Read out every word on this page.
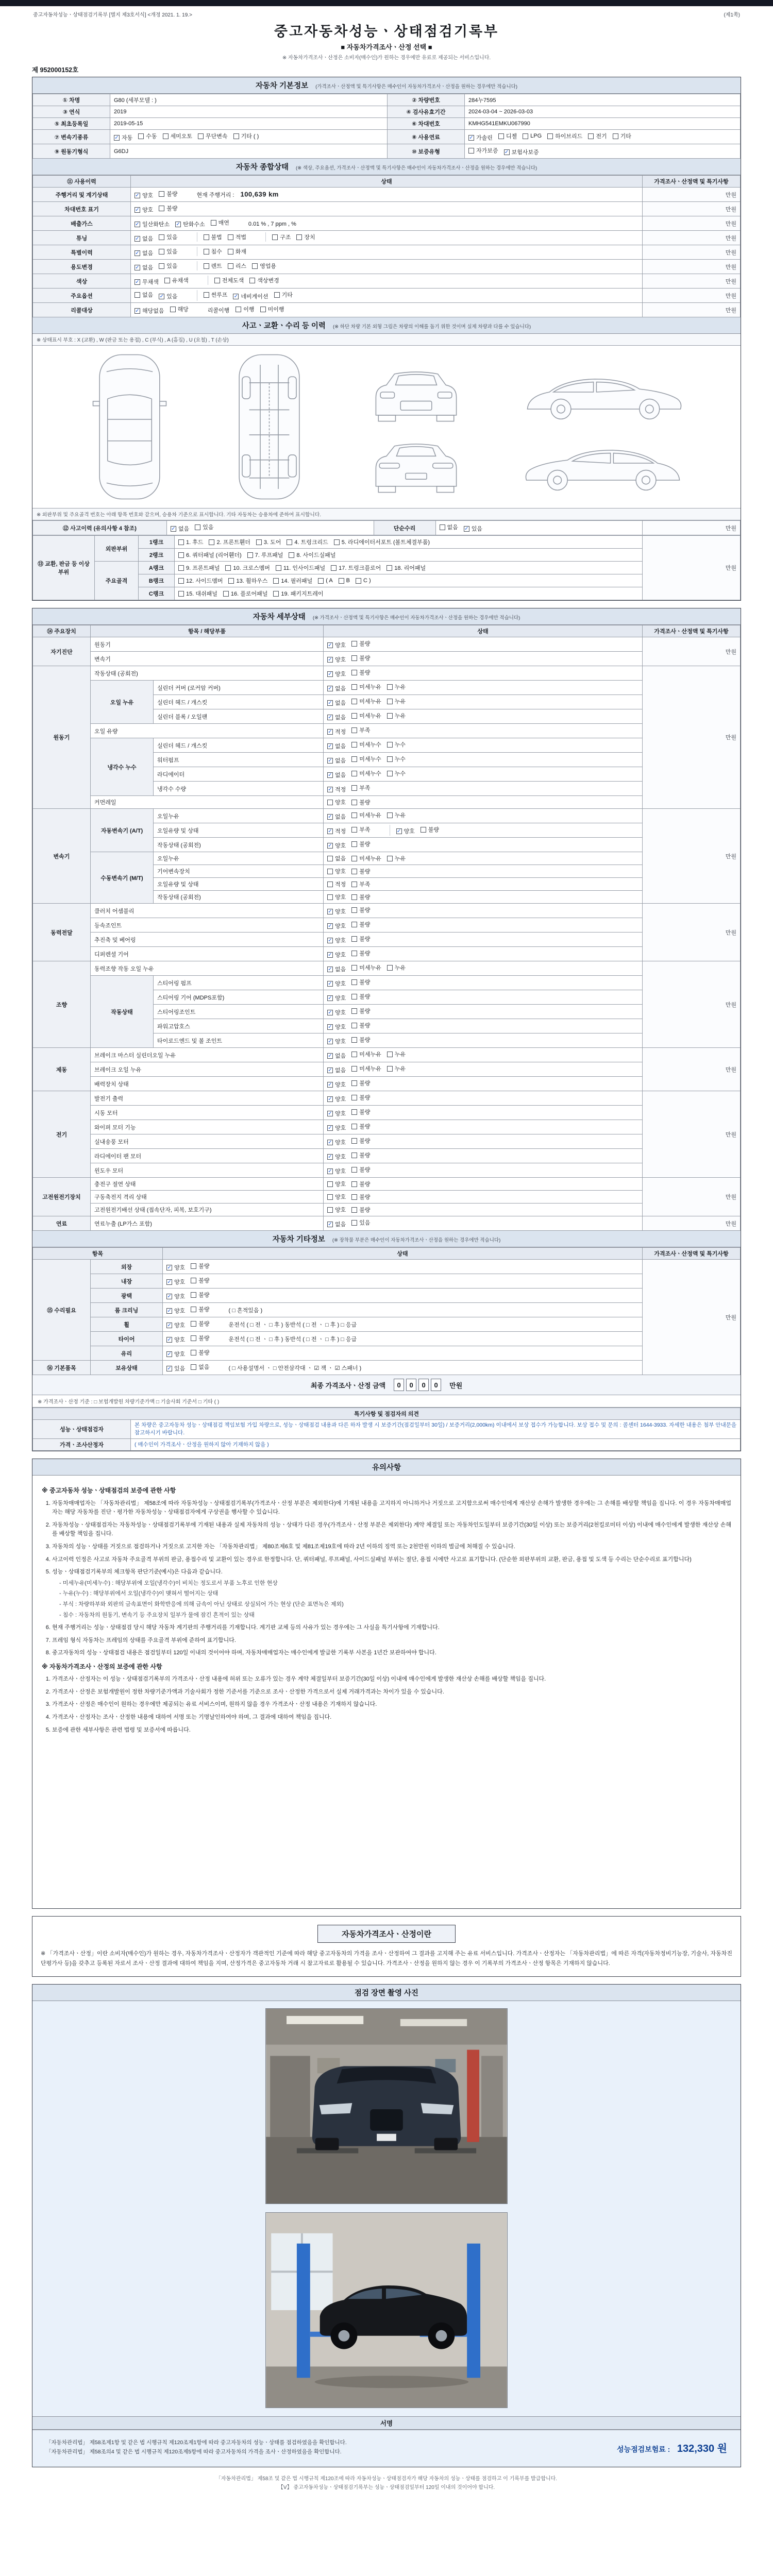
중고자동차성능ㆍ상태점검기록부 [별지 제3호서식] <개정 2021. 1. 19.>	(제1쪽)
중고자동차성능ㆍ상태점검기록부
■ 자동차가격조사ㆍ산정 선택 ■
※ 자동차가격조사ㆍ산정은 소비자(매수인)가 원하는 경우에만 유료로 제공되는 서비스입니다.
제 952000152호
자동차 기본정보 (가격조사ㆍ산정액 및 특기사항은 매수인이 자동차가격조사ㆍ산정을 원하는 경우에만 적습니다)
① 차명	G80 (세부모델 : )	② 차량번호	284누7595
③ 연식	2019	④ 검사유효기간	2024-03-04 ~ 2026-03-03
⑤ 최초등록일	2019-05-15	⑥ 차대번호	KMHG541EMKU067990
⑦ 변속기종류	✓ 자동 수동 세미오토 무단변속 기타 ( )	⑧ 사용연료	✓ 가솔린 디젤 LPG 하이브리드 전기 기타

⑨ 원동기형식	G6DJ	⑩ 보증유형	자가보증 ✓ 보험사보증
자동차 종합상태 (※ 색상, 주요옵션, 가격조사ㆍ산정액 및 특기사항은 매수인이 자동차가격조사ㆍ산정을 원하는 경우에만 적습니다)
⑪ 사용이력	상태	가격조사ㆍ산정액 및 특기사항
주행거리 및 계기상태	✓ 양호 불량 현재 주행거리 : 100,639 km	만원
차대번호 표기	✓ 양호 불량	만원
배출가스	✓ 일산화탄소 ✓ 탄화수소 매연	0.01 % , 7 ppm , %	만원
튜닝	✓ 없음 있음	불법 적법	구조 장치	만원
특별이력	✓ 없음 있음 침수 화재	만원
용도변경	✓ 없음 있음	렌트 리스 영업용	만원
색상	✓ 무채색 유채색 전체도색 색상변경	만원
주요옵션	없음 ✓ 있음	썬루프 ✓ 네비게이션 기타	만원
리콜대상	✓ 해당없음 해당	리콜이행 이행 미이행	만원
사고ㆍ교환ㆍ수리 등 이력 (※ 하단 차량 기본 외형 그림은 차량의 이해를 돕기 위한 것이며 실제 차량과 다를 수 있습니다)
※ 상태표시 부호 : X (교환) , W (판금 또는 용접) , C (부식) , A (흠집) , U (요철) , T (손상)
※ 외판부위 및 주요골격 번호는 아래 항목 번호와 같으며, 승용차 기준으로 표시합니다. 기타 자동차는 승용차에 준하여 표시합니다.
⑫ 사고이력 (유의사항 4 참조)	✓ 없음 있음	단순수리	없음 ✓ 있음	만원
⑬ 교환, 판금 등 이상 부위	외판부위	1랭크	1. 후드 2. 프론트휀더 3. 도어 4. 트렁크리드 5. 라디에이터서포트 (볼트체결부품)	만원
		2랭크	6. 쿼터패널 (리어휀더) 7. 루프패널 8. 사이드실패널	

	주요골격	A랭크	9. 프론트패널 10. 크로스멤버 11. 인사이드패널 17. 트렁크플로어 18. 리어패널	

B랭크	12. 사이드멤버 13. 휠하우스 14. 필러패널 ( A B C )

		C랭크	15. 대쉬패널 16. 플로어패널 19. 패키지트레이	
자동차 세부상태 (※ 가격조사ㆍ산정액 및 특기사항은 매수인이 자동차가격조사ㆍ산정을 원하는 경우에만 적습니다)
⑭ 주요장치	항목 / 해당부품		상태	가격조사ㆍ산정액 및 특기사항
자기진단	원동기		✓ 양호 불량	만원
	변속기		✓ 양호 불량	

원동기	작동상태 (공회전)		✓ 양호 불량	만원
	오일 누유	실린더 커버 (로커암 커버)	✓ 없음 미세누유 누유	

		실린더 헤드 / 개스킷	✓ 없음 미세누유 누유	

		실린더 블록 / 오일팬	✓ 없음 미세누유 누유	

	오일 유량		✓ 적정 부족	

	냉각수 누수	실린더 헤드 / 개스킷	✓ 없음 미세누수 누수	

		워터펌프	✓ 없음 미세누수 누수	

		라디에이터	✓ 없음 미세누수 누수	

		냉각수 수량	✓ 적정 부족	

	커먼레일		양호 불량	

변속기	자동변속기 (A/T)	오일누유	✓ 없음 미세누유 누유	만원
오일유량 및 상태	✓ 적정 부족	✓ 양호 불량

		작동상태 (공회전)	✓ 양호 불량	

	수동변속기 (M/T)	오일누유	없음 미세누유 누유	

		기어변속장치	양호 불량	

		오일유량 및 상태	적정 부족	

		작동상태 (공회전)	양호 불량	

동력전달	클러치 어셈블리		✓ 양호 불량	만원
	등속조인트		✓ 양호 불량	

	추진축 및 베어링		✓ 양호 불량	

	디퍼렌셜 기어		✓ 양호 불량	

조향	동력조향 작동 오일 누유		✓ 없음 미세누유 누유	만원
	작동상태	스티어링 펌프	✓ 양호 불량	

		스티어링 기어 (MDPS포함)	✓ 양호 불량	

		스티어링조인트	✓ 양호 불량	

		파워고압호스	✓ 양호 불량	

		타이로드엔드 및 볼 조인트	✓ 양호 불량	

제동	브레이크 마스터 실린더오일 누유		✓ 없음 미세누유 누유	만원
	브레이크 오일 누유		✓ 없음 미세누유 누유	

	배력장치 상태		✓ 양호 불량	

전기	발전기 출력		✓ 양호 불량	만원
	시동 모터		✓ 양호 불량	

	와이퍼 모터 기능		✓ 양호 불량	

	실내송풍 모터		✓ 양호 불량	

	라디에이터 팬 모터		✓ 양호 불량	

	윈도우 모터		✓ 양호 불량	

고전원전기장치	충전구 절연 상태		양호 불량	만원
	구동축전지 격리 상태		양호 불량	

	고전원전기배선 상태 (접속단자, 피복, 보호기구)		양호 불량	

연료	연료누출 (LP가스 포함)		✓ 없음 있음	만원
자동차 기타정보 (※ 장착물 부분은 매수인이 자동차가격조사ㆍ산정을 원하는 경우에만 적습니다)
항목		상태	가격조사ㆍ산정액 및 특기사항
⑮ 수리필요	외장	✓ 양호 불량	만원
	내장	✓ 양호 불량	

	광택	✓ 양호 불량	

	룸 크리닝	✓ 양호 불량 ( □ 흔적있음 )	
	휠	✓ 양호 불량 운전석 ( □ 전 ㆍ □ 후 ) 동반석 ( □ 전 ㆍ □ 후 ) □ 응급	
	타이어	✓ 양호 불량 운전석 ( □ 전 ㆍ □ 후 ) 동반석 ( □ 전 ㆍ □ 후 ) □ 응급	
	유리	✓ 양호 불량	

⑯ 기본품목	보유상태	✓ 있음 없음 ( □ 사용설명서 ㆍ □ 안전삼각대 ㆍ ☑ 잭 ㆍ ☑ 스패너 )	
최종 가격조사ㆍ산정 금액	0 0 0 0	만원
※ 가격조사ㆍ산정 기준 : □ 보험개발원 차량기준가액 □ 기술사회 기준서 □ 기타 ( )
특기사항 및 점검자의 의견	
성능ㆍ상태점검자	본 차량은 중고자동차 성능ㆍ상태점검 책임보험 가입 차량으로, 성능ㆍ상태점검 내용과 다른 하자 발생 시 보증기간(점검일부터 30일) / 보증거리(2,000km) 이내에서 보상 접수가 가능합니다. 보상 접수 및 문의 : 콜센터 1644-3933. 자세한 내용은 첨부 안내문을 참고하시기 바랍니다.
가격ㆍ조사산정자	( 매수인이 가격조사ㆍ산정을 원하지 않아 기재하지 않음 )
유의사항
※ 중고자동차 성능ㆍ상태점검의 보증에 관한 사항
1. 자동차매매업자는 「자동차관리법」 제58조에 따라 자동차성능ㆍ상태점검기록부(가격조사ㆍ산정 부분은 제외한다)에 기재된 내용을 고지하지 아니하거나 거짓으로 고지함으로써 매수인에게 재산상 손해가 발생한 경우에는 그 손해를 배상할 책임을 집니다. 이 경우 자동차매매업자는 해당 자동차를 진단ㆍ평가한 자동차성능ㆍ상태점검자에게 구상권을 행사할 수 있습니다.
2. 자동차성능ㆍ상태점검자는 자동차성능ㆍ상태점검기록부에 기재된 내용과 실제 자동차의 성능ㆍ상태가 다른 경우(가격조사ㆍ산정 부분은 제외한다) 계약 체결일 또는 자동차인도일부터 보증기간(30일 이상) 또는 보증거리(2천킬로미터 이상) 이내에 매수인에게 발생한 재산상 손해를 배상할 책임을 집니다.
3. 자동차의 성능ㆍ상태를 거짓으로 점검하거나 거짓으로 고지한 자는 「자동차관리법」 제80조제6호 및 제81조제19호에 따라 2년 이하의 징역 또는 2천만원 이하의 벌금에 처해질 수 있습니다.
4. 사고이력 인정은 사고로 자동차 주요골격 부위의 판금, 용접수리 및 교환이 있는 경우로 한정합니다. 단, 쿼터패널, 루프패널, 사이드실패널 부위는 절단, 용접 시에만 사고로 표기합니다. (단순한 외판부위의 교환, 판금, 용접 및 도색 등 수리는 단순수리로 표기합니다)
5. 성능ㆍ상태점검기록부의 체크항목 판단기준(예시)은 다음과 같습니다.
- 미세누유(미세누수) : 해당부위에 오일(냉각수)이 비치는 정도로서 부품 노후로 인한 현상
- 누유(누수) : 해당부위에서 오일(냉각수)이 맺혀서 떨어지는 상태
- 부식 : 차량하부와 외판의 금속표면이 화학반응에 의해 금속이 아닌 상태로 상실되어 가는 현상 (단순 표면녹은 제외)
- 침수 : 자동차의 원동기, 변속기 등 주요장치 일부가 물에 잠긴 흔적이 있는 상태
6. 현재 주행거리는 성능ㆍ상태점검 당시 해당 자동차 계기판의 주행거리를 기재합니다. 계기판 교체 등의 사유가 있는 경우에는 그 사실을 특기사항에 기재합니다.
7. 프레임 형식 자동차는 프레임의 상태를 주요골격 부위에 준하여 표기합니다.
8. 중고자동차의 성능ㆍ상태점검 내용은 점검일부터 120일 이내의 것이어야 하며, 자동차매매업자는 매수인에게 발급한 기록부 사본을 1년간 보관하여야 합니다.
※ 자동차가격조사ㆍ산정의 보증에 관한 사항
1. 가격조사ㆍ산정자는 이 성능ㆍ상태점검기록부의 가격조사ㆍ산정 내용에 허위 또는 오류가 있는 경우 계약 체결일부터 보증기간(30일 이상) 이내에 매수인에게 발생한 재산상 손해를 배상할 책임을 집니다.
2. 가격조사ㆍ산정은 보험개발원이 정한 차량기준가액과 기술사회가 정한 기준서를 기준으로 조사ㆍ산정한 가격으로서 실제 거래가격과는 차이가 있을 수 있습니다.
3. 가격조사ㆍ산정은 매수인이 원하는 경우에만 제공되는 유료 서비스이며, 원하지 않을 경우 가격조사ㆍ산정 내용은 기재하지 않습니다.
4. 가격조사ㆍ산정자는 조사ㆍ산정한 내용에 대하여 서명 또는 기명날인하여야 하며, 그 결과에 대하여 책임을 집니다.
5. 보증에 관한 세부사항은 관련 법령 및 보증서에 따릅니다.
자동차가격조사ㆍ산정이란
※ 「가격조사ㆍ산정」이란 소비자(매수인)가 원하는 경우, 자동차가격조사ㆍ산정자가 객관적인 기준에 따라 해당 중고자동차의 가격을 조사ㆍ산정하여 그 결과를 고지해 주는 유료 서비스입니다. 가격조사ㆍ산정자는 「자동차관리법」에 따른 자격(자동차정비기능장, 기술사, 자동차진단평가사 등)을 갖추고 등록된 자로서 조사ㆍ산정 결과에 대하여 책임을 지며, 산정가격은 중고자동차 거래 시 참고자료로 활용될 수 있습니다. 가격조사ㆍ산정을 원하지 않는 경우 이 기록부의 가격조사ㆍ산정 항목은 기재하지 않습니다.
점검 장면 촬영 사진
서명
「자동차관리법」 제58조제1항 및 같은 법 시행규칙 제120조제1항에 따라 중고자동차의 성능ㆍ상태를 점검하였음을 확인합니다.
「자동차관리법」 제58조의4 및 같은 법 시행규칙 제120조제5항에 따라 중고자동차의 가격을 조사ㆍ산정하였음을 확인합니다.	성능점검보험료 : 132,330 원
「자동차관리법」 제58조 및 같은 법 시행규칙 제120조에 따라 자동차성능ㆍ상태점검자가 해당 자동차의 성능ㆍ상태를 점검하고 이 기록부를 발급합니다.
【Ⅴ】 중고자동차성능ㆍ상태점검기록부는 성능ㆍ상태점검일부터 120일 이내의 것이어야 합니다.
